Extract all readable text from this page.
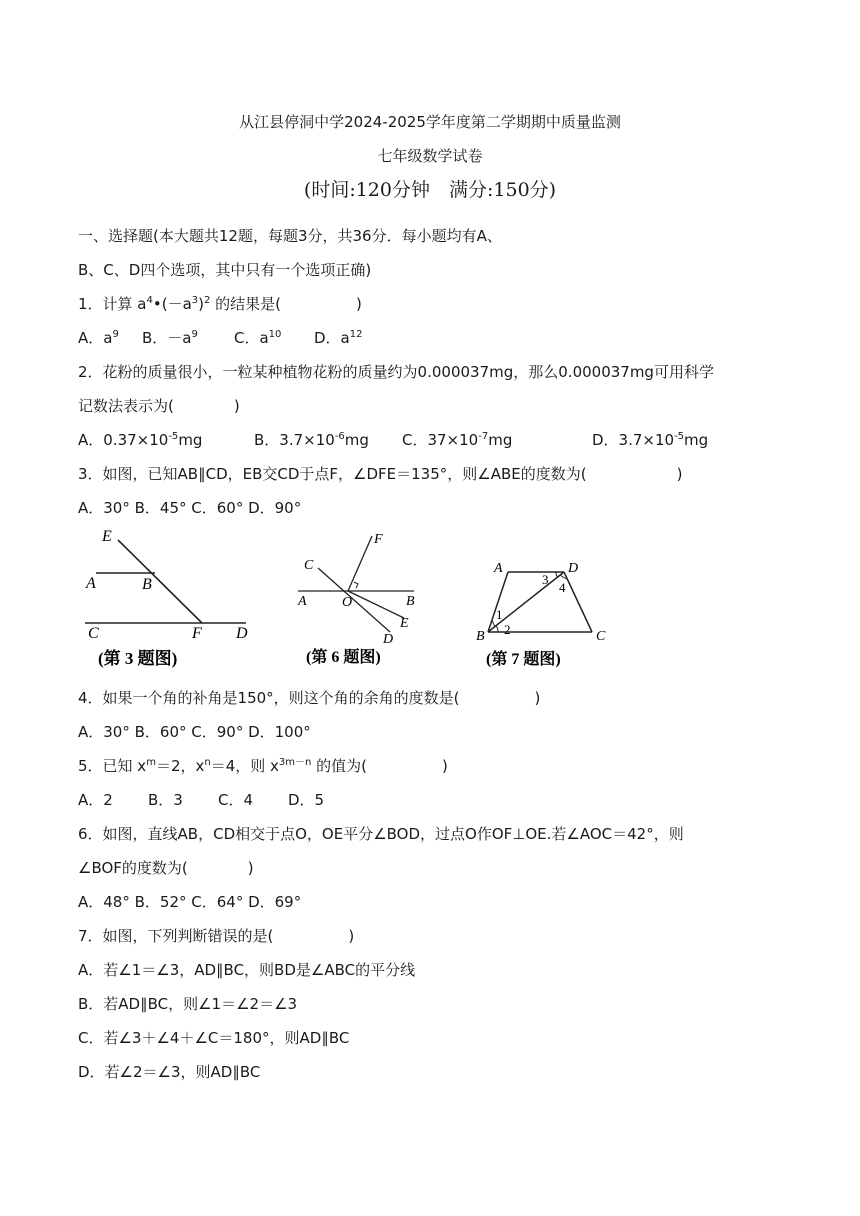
从江县停洞中学2024-2025学年度第二学期期中质量监测
七年级数学试卷
(时间:120分钟　满分:150分)
一、选择题(本大题共12题，每题3分，共36分．每小题均有A、
B、C、D四个选项，其中只有一个选项正确)
1．计算 $a^4•(-a^3)^2$ 的结果是(　　　　　)
A．$a^9$ B．$-a^9$ C．$a^{10}$ D．$a^{12}$
2．花粉的质量很小，一粒某种植物花粉的质量约为0.000037mg，那么0.000037mg可用科学
记数法表示为(　　　　)
A．$0.37\times 10^{-5}mg$	B．$3.7\times 10^{-6}mg$ C．$37\times 10^{-7}mg$	D．$3.7\times 10^{-5}mg$
3．如图，已知AB∥CD，EB交CD于点F，∠DFE＝135°，则∠ABE的度数为(　　　　　　)
A．30° B．45° C．60° D．90°
E
A	B
C	F D
(第 3 题图)
C
F
A	O	B
E
D
(第 6 题图)
A	D
3
4
1
2
B	C
(第 7 题图)
4．如果一个角的补角是150°，则这个角的余角的度数是(　　　　　)
A．30° B．60° C．90° D．100°
5．已知 $x^m=2$，$x^n=4$，则 $x^{3m-n}$ 的值为(　　　　　)
A．2 B．3 C．4 D．5
6．如图，直线AB，CD相交于点O，OE平分∠BOD，过点O作OF⊥OE.若∠AOC＝42°，则
∠BOF的度数为(　　　　)
A．48° B．52° C．64° D．69°
7．如图，下列判断错误的是(　　　　　)
A．若∠1＝∠3，AD∥BC，则BD是∠ABC的平分线
B．若AD∥BC，则∠1＝∠2＝∠3
C．若∠3＋∠4＋∠C＝180°，则AD∥BC
D．若∠2＝∠3，则AD∥BC
